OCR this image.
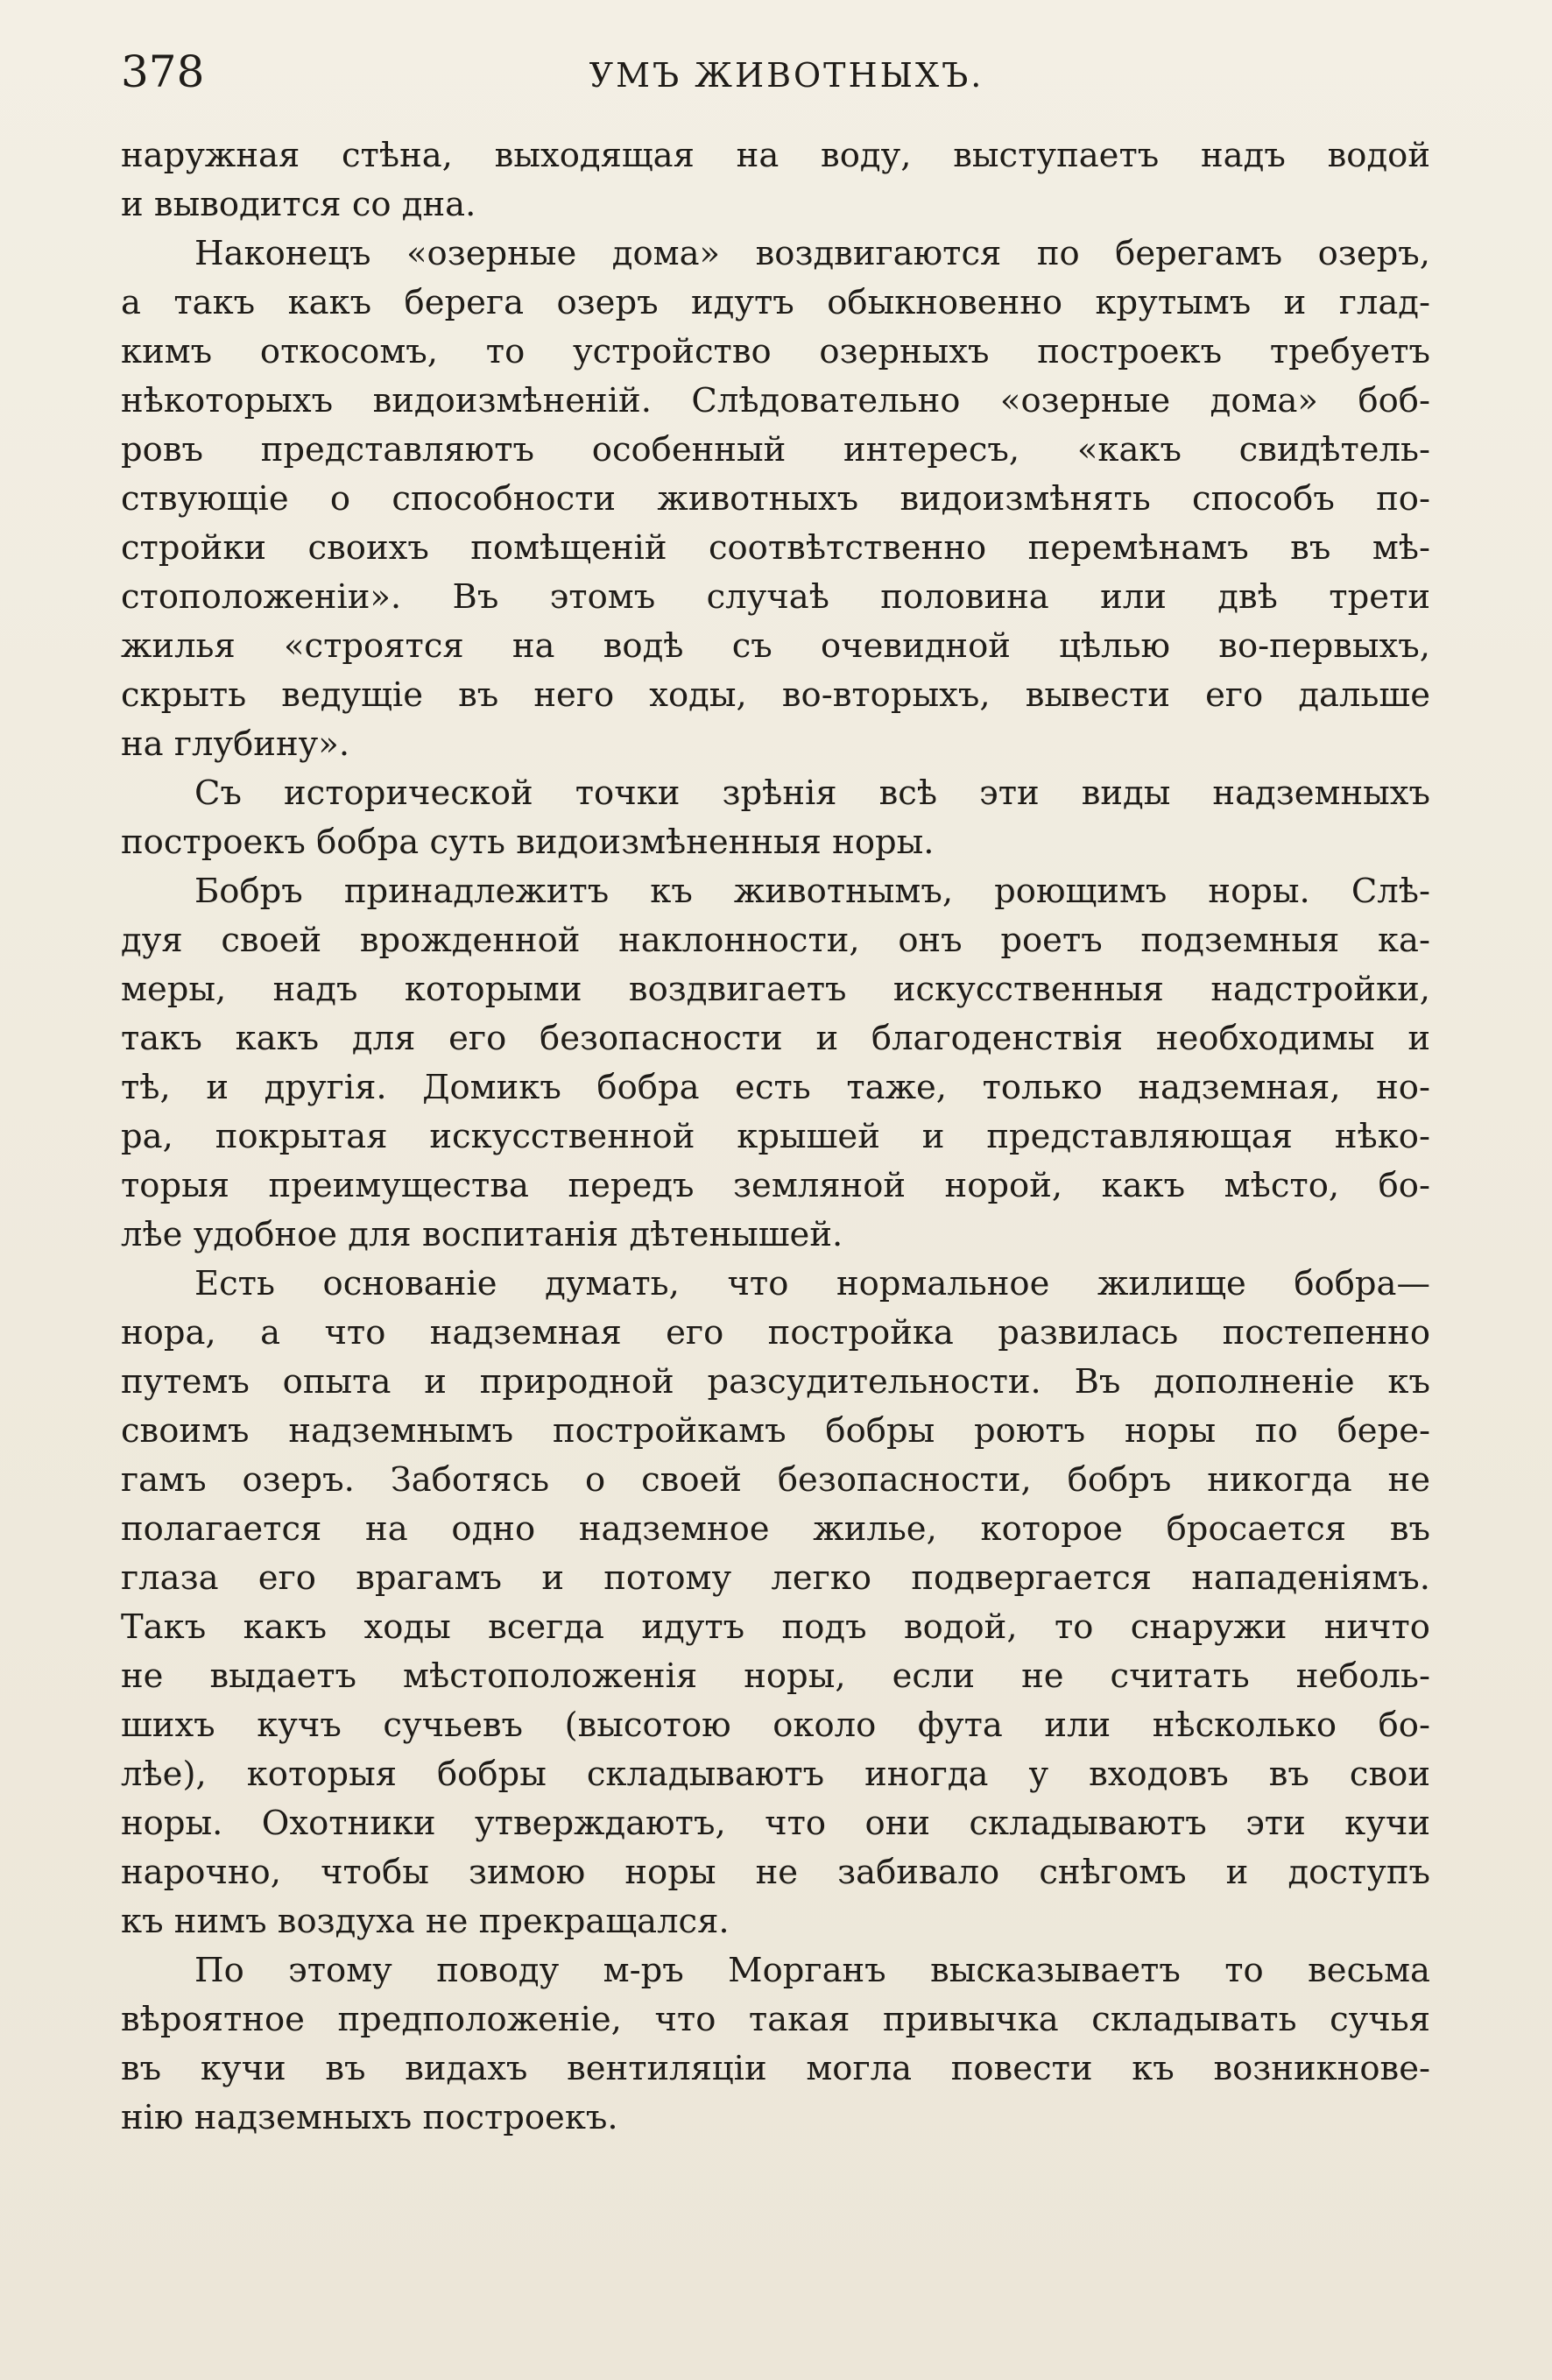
378	УМЪ ЖИВОТНЫХЪ.
наружная стѣна, выходящая на воду, выступаетъ надъ водой
и выводится со дна.
Наконецъ «озерные дома» воздвигаются по берегамъ озеръ,
а такъ какъ берега озеръ идутъ обыкновенно крутымъ и глад-
кимъ откосомъ, то устройство озерныхъ построекъ требуетъ
нѣкоторыхъ видоизмѣненій. Слѣдовательно «озерные дома» боб-
ровъ представляютъ особенный интересъ, «какъ свидѣтель-
ствующіе о способности животныхъ видоизмѣнять способъ по-
стройки своихъ помѣщеній соотвѣтственно перемѣнамъ въ мѣ-
стоположеніи». Въ этомъ случаѣ половина или двѣ трети
жилья «строятся на водѣ съ очевидной цѣлью во-первыхъ,
скрыть ведущіе въ него ходы, во-вторыхъ, вывести его дальше
на глубину».
Съ исторической точки зрѣнія всѣ эти виды надземныхъ
построекъ бобра суть видоизмѣненныя норы.
Бобръ принадлежитъ къ животнымъ, роющимъ норы. Слѣ-
дуя своей врожденной наклонности, онъ роетъ подземныя ка-
меры, надъ которыми воздвигаетъ искусственныя надстройки,
такъ какъ для его безопасности и благоденствія необходимы и
тѣ, и другія. Домикъ бобра есть таже, только надземная, но-
ра, покрытая искусственной крышей и представляющая нѣко-
торыя преимущества передъ земляной норой, какъ мѣсто, бо-
лѣе удобное для воспитанія дѣтенышей.
Есть основаніе думать, что нормальное жилище бобра—
нора, а что надземная его постройка развилась постепенно
путемъ опыта и природной разсудительности. Въ дополненіе къ
своимъ надземнымъ постройкамъ бобры роютъ норы по бере-
гамъ озеръ. Заботясь о своей безопасности, бобръ никогда не
полагается на одно надземное жилье, которое бросается въ
глаза его врагамъ и потому легко подвергается нападеніямъ.
Такъ какъ ходы всегда идутъ подъ водой, то снаружи ничто
не выдаетъ мѣстоположенія норы, если не считать неболь-
шихъ кучъ сучьевъ (высотою около фута или нѣсколько бо-
лѣе), которыя бобры складываютъ иногда у входовъ въ свои
норы. Охотники утверждаютъ, что они складываютъ эти кучи
нарочно, чтобы зимою норы не забивало снѣгомъ и доступъ
къ нимъ воздуха не прекращался.
По этому поводу м-ръ Морганъ высказываетъ то весьма
вѣроятное предположеніе, что такая привычка складывать сучья
въ кучи въ видахъ вентиляціи могла повести къ возникнове-
нію надземныхъ построекъ.
